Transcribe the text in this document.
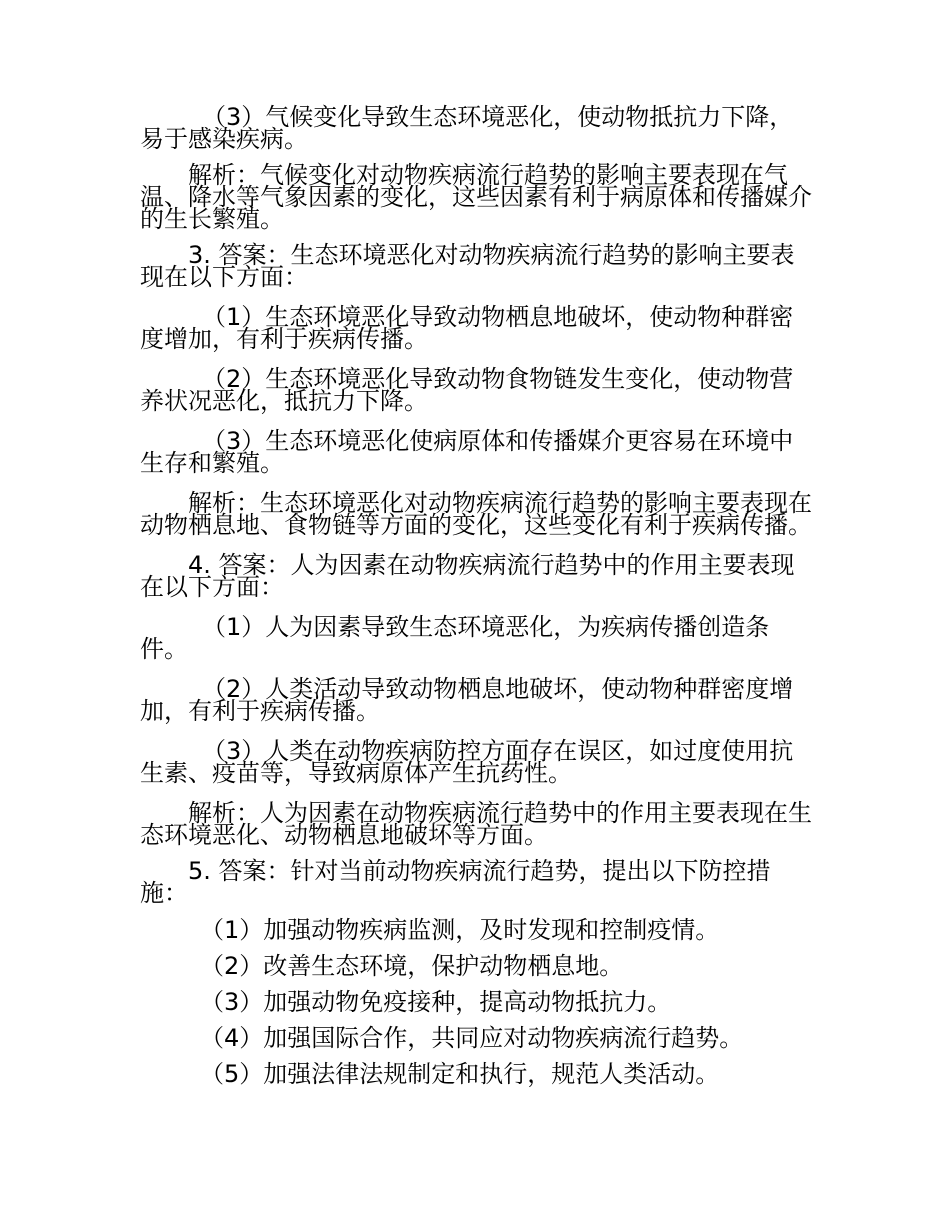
（3）气候变化导致生态环境恶化，使动物抵抗力下降，易于感染疾病。

解析：气候变化对动物疾病流行趋势的影响主要表现在气温、降水等气象因素的变化，这些因素有利于病原体和传播媒介的生长繁殖。

3. 答案：生态环境恶化对动物疾病流行趋势的影响主要表现在以下方面：

（1）生态环境恶化导致动物栖息地破坏，使动物种群密度增加，有利于疾病传播。

（2）生态环境恶化导致动物食物链发生变化，使动物营养状况恶化，抵抗力下降。

（3）生态环境恶化使病原体和传播媒介更容易在环境中生存和繁殖。

解析：生态环境恶化对动物疾病流行趋势的影响主要表现在动物栖息地、食物链等方面的变化，这些变化有利于疾病传播。

4. 答案：人为因素在动物疾病流行趋势中的作用主要表现在以下方面：

（1）人为因素导致生态环境恶化，为疾病传播创造条件。

（2）人类活动导致动物栖息地破坏，使动物种群密度增加，有利于疾病传播。

（3）人类在动物疾病防控方面存在误区，如过度使用抗生素、疫苗等，导致病原体产生抗药性。

解析：人为因素在动物疾病流行趋势中的作用主要表现在生态环境恶化、动物栖息地破坏等方面。

5. 答案：针对当前动物疾病流行趋势，提出以下防控措施：

（1）加强动物疾病监测，及时发现和控制疫情。

（2）改善生态环境，保护动物栖息地。

（3）加强动物免疫接种，提高动物抵抗力。

（4）加强国际合作，共同应对动物疾病流行趋势。

（5）加强法律法规制定和执行，规范人类活动。
